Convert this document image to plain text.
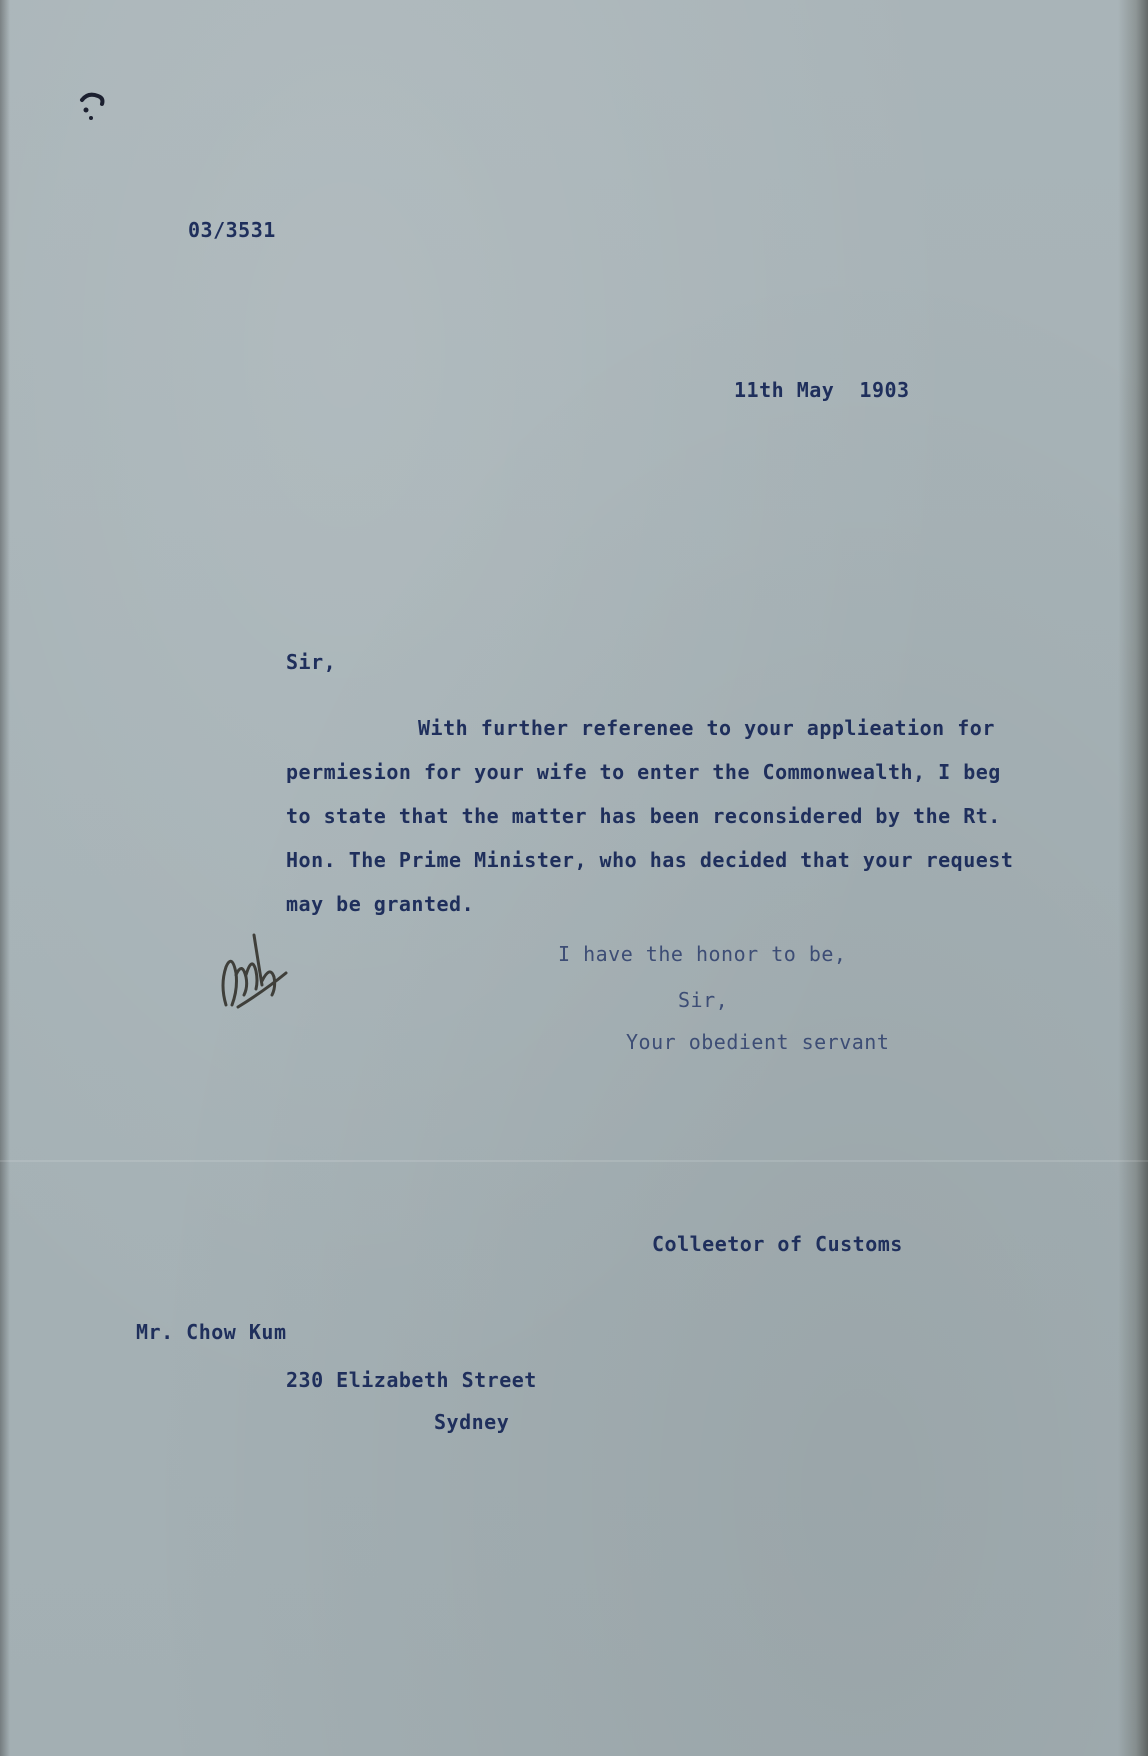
03/3531
11th May  1903
Sir,
With further referenee to your applieation for
permiesion for your wife to enter the Commonwealth, I beg
to state that the matter has been reconsidered by the Rt.
Hon. The Prime Minister, who has decided that your request
may be granted.
I have the honor to be,
Sir,
Your obedient servant
Colleetor of Customs
Mr. Chow Kum
230 Elizabeth Street
Sydney
